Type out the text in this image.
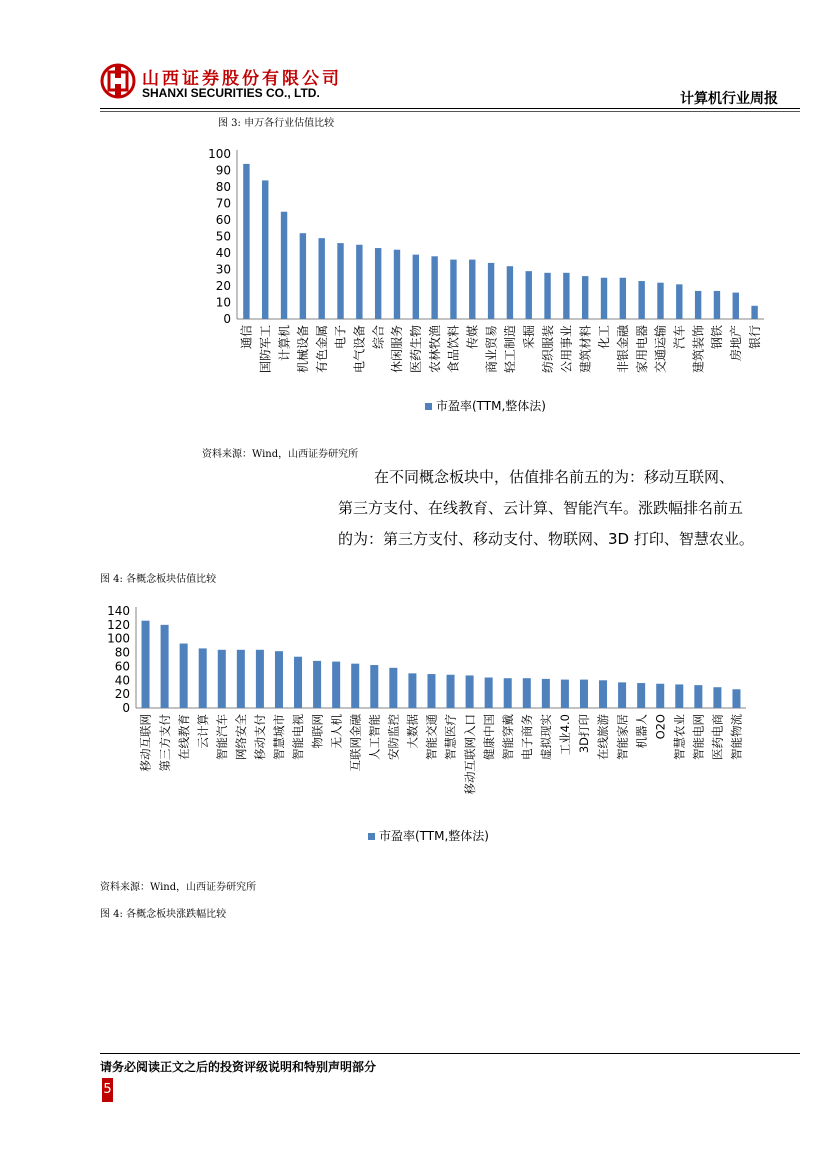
山西证券股份有限公司
SHANXI SECURITIES CO., LTD.	计算机行业周报
图 3: 申万各行业估值比较
0
10
20
30
40
50
60
70
80
90
100
通信 国防军工 计算机 机械设备 有色金属 电子 电气设备 综合 休闲服务 医药生物 农林牧渔 食品饮料 传媒 商业贸易 轻工制造 采掘 纺织服装 公用事业 建筑材料 化工 非银金融 家用电器 交通运输 汽车 建筑装饰 钢铁 房地产 银行
市盈率(TTM,整体法)
资料来源：Wind，山西证券研究所
在不同概念板块中，估值排名前五的为：移动互联网、
第三方支付、在线教育、云计算、智能汽车。涨跌幅排名前五
的为：第三方支付、移动支付、物联网、3D 打印、智慧农业。
图 4: 各概念板块估值比较
0
20
40
60
80
100
120
140
移动互联网 第三方支付 在线教育 云计算 智能汽车 网络安全 移动支付 智慧城市 智能电视 物联网 无人机 互联网金融 人工智能 安防监控 大数据 智能交通 智慧医疗 移动互联网入口 健康中国 智能穿戴 电子商务 虚拟现实 工业4.0 3D打印 在线旅游 智能家居 机器人 O2O 智慧农业 智能电网 医药电商 智能物流
市盈率(TTM,整体法)
资料来源：Wind，山西证券研究所
图 4: 各概念板块涨跌幅比较
请务必阅读正文之后的投资评级说明和特别声明部分
5
